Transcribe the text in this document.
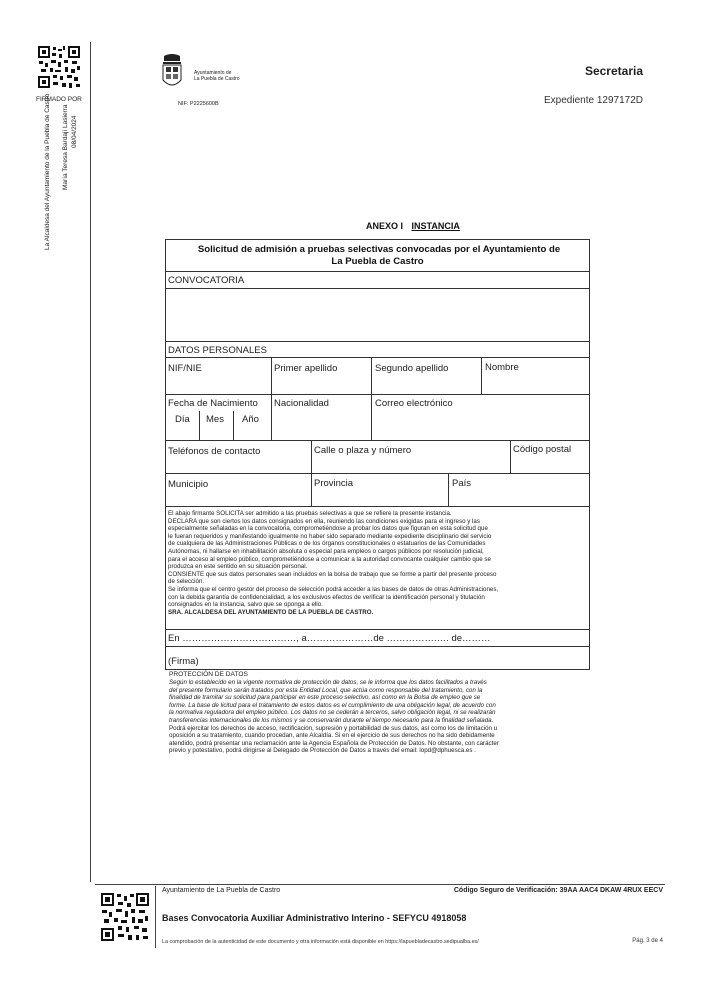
FIRMADO POR
La Alcaldesa del Ayuntamiento de la Puebla de Castro María Teresa Bardají Lasierra 08/04/2024
Ayuntamiento de
La Puebla de Castro
NIF: P2225600B
Secretaria
Expediente 1297172D
ANEXO I INSTANCIA
Solicitud de admisión a pruebas selectivas convocadas por el Ayuntamiento de
La Puebla de Castro
CONVOCATORIA
DATOS PERSONALES
NIF/NIE	Primer apellido	Segundo apellido	Nombre
Fecha de Nacimiento
Día Mes Año
Nacionalidad	Correo electrónico
Teléfonos de contacto	Calle o plaza y número	Código postal
Municipio	Provincia	País
El abajo firmante SOLICITA ser admitido a las pruebas selectivas a que se refiere la presente instancia.
DECLARA que son ciertos los datos consignados en ella, reuniendo las condiciones exigidas para el ingreso y las
especialmente señaladas en la convocatoria, comprometiéndose a probar los datos que figuran en esta solicitud que
le fueran requeridos y manifestando igualmente no haber sido separado mediante expediente disciplinario del servicio
de cualquiera de las Administraciones Públicas o de los órganos constitucionales o estatuarios de las Comunidades
Autónomas, ni hallarse en inhabilitación absoluta o especial para empleos o cargos públicos por resolución judicial,
para el acceso al empleo público, comprometiéndose a comunicar a la autoridad convocante cualquier cambio que se
produzca en este sentido en su situación personal.
CONSIENTE que sus datos personales sean incluidos en la bolsa de trabajo que se forme a partir del presente proceso
de selección.
Se informa que el centro gestor del proceso de selección podrá acceder a las bases de datos de otras Administraciones,
con la debida garantía de confidencialidad, a los exclusivos efectos de verificar la identificación personal y titulación
consignados en la instancia, salvo que se oponga a ello.
SRA. ALCALDESA DEL AYUNTAMIENTO DE LA PUEBLA DE CASTRO.
En ………………………………, a…………………de …………….…. de………
(Firma)
PROTECCIÓN DE DATOS
Según lo establecido en la vigente normativa de protección de datos, se le informa que los datos facilitados a través
del presente formulario serán tratados por esta Entidad Local, que actúa como responsable del tratamiento, con la
finalidad de tramitar su solicitud para participar en este proceso selectivo, así como en la Bolsa de empleo que se
forme. La base de licitud para el tratamiento de estos datos es el cumplimiento de una obligación legal, de acuerdo con
la normativa reguladora del empleo público. Los datos no se cederán a terceros, salvo obligación legal, ni se realizarán
transferencias internacionales de los mismos y se conservarán durante el tiempo necesario para la finalidad señalada.
Podrá ejercitar los derechos de acceso, rectificación, supresión y portabilidad de sus datos, así como los de limitación u
oposición a su tratamiento, cuando procedan, ante Alcaldía. Si en el ejercicio de sus derechos no ha sido debidamente
atendido, podrá presentar una reclamación ante la Agencia Española de Protección de Datos. No obstante, con carácter
previo y potestativo, podrá dirigirse al Delegado de Protección de Datos a través del email: lopd@dphuesca.es .
Ayuntamiento de La Puebla de Castro	Código Seguro de Verificación: 39AA AAC4 DKAW 4RUX EECV
Bases Convocatoria Auxiliar Administrativo Interino - SEFYCU 4918058
La comprobación de la autenticidad de este documento y otra información está disponible en https://lapuebladecastro.sedipualba.es/	Pág. 3 de 4
